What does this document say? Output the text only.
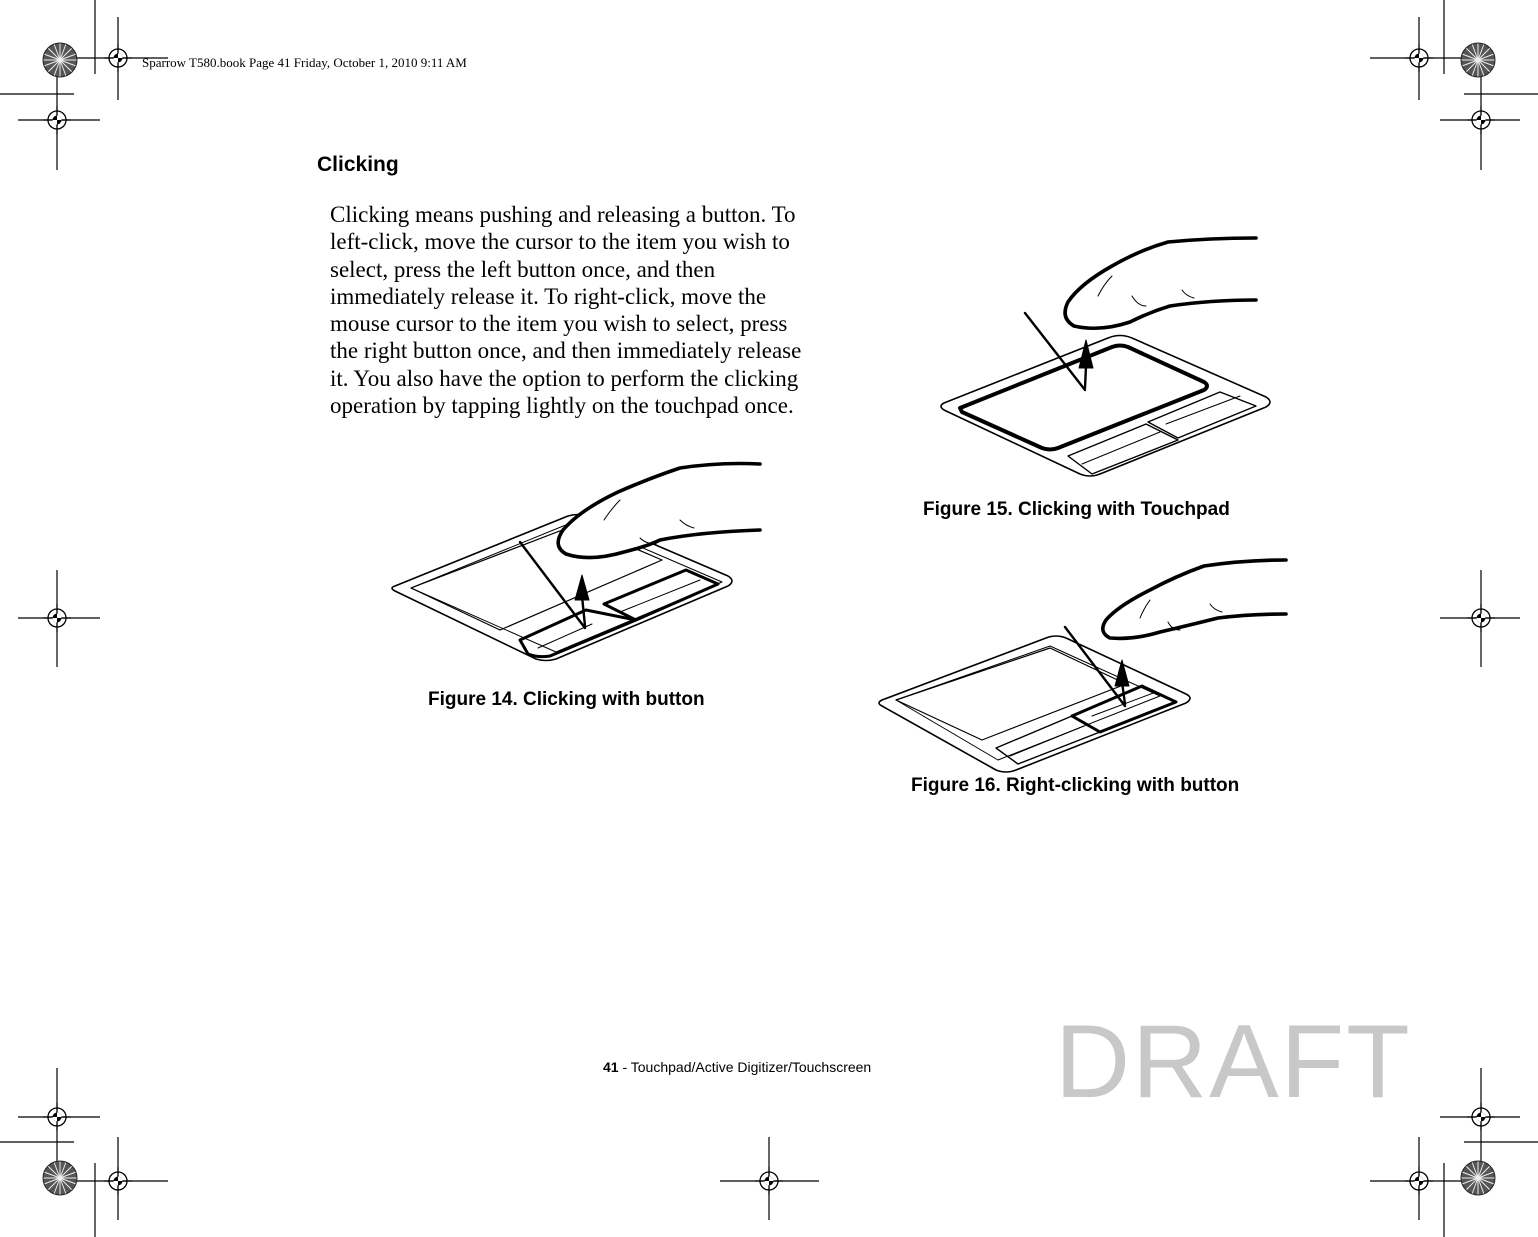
Sparrow T580.book Page 41 Friday, October 1, 2010 9:11 AM
Clicking
Clicking means pushing and releasing a button. To
left-click, move the cursor to the item you wish to
select, press the left button once, and then
immediately release it. To right-click, move the
mouse cursor to the item you wish to select, press
the right button once, and then immediately release
it. You also have the option to perform the clicking
operation by tapping lightly on the touchpad once.
Figure 14. Clicking with button
Figure 15. Clicking with Touchpad
Figure 16. Right-clicking with button
41 - Touchpad/Active Digitizer/Touchscreen DRAFT
